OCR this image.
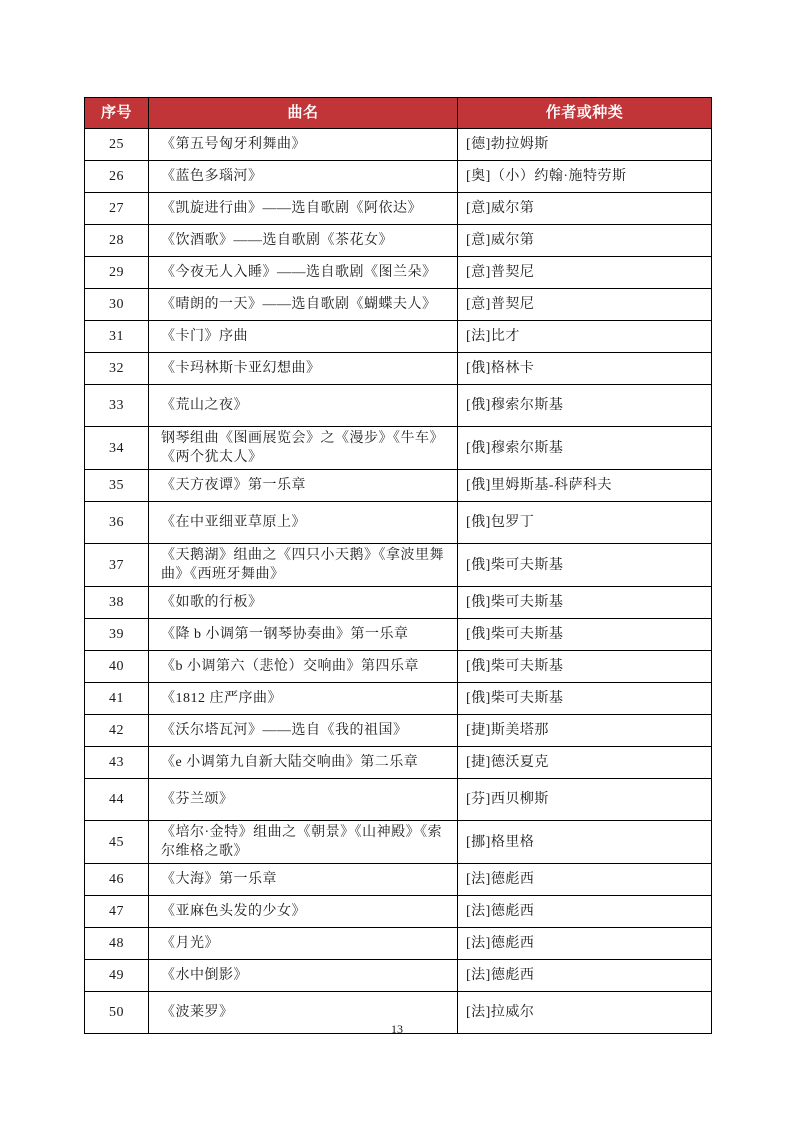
序号	曲名	作者或种类
25	《第五号匈牙利舞曲》	[德]勃拉姆斯
26	《蓝色多瑙河》	[奥]（小）约翰·施特劳斯
27	《凯旋进行曲》——选自歌剧《阿依达》	[意]威尔第
28	《饮酒歌》——选自歌剧《茶花女》	[意]威尔第
29	《今夜无人入睡》——选自歌剧《图兰朵》	[意]普契尼
30	《晴朗的一天》——选自歌剧《蝴蝶夫人》	[意]普契尼
31	《卡门》序曲	[法]比才
32	《卡玛林斯卡亚幻想曲》	[俄]格林卡
33	《荒山之夜》	[俄]穆索尔斯基
34	钢琴组曲《图画展览会》之《漫步》《牛车》《两个犹太人》	[俄]穆索尔斯基
35	《天方夜谭》第一乐章	[俄]里姆斯基-科萨科夫
36	《在中亚细亚草原上》	[俄]包罗丁
37	《天鹅湖》组曲之《四只小天鹅》《拿波里舞曲》《西班牙舞曲》	[俄]柴可夫斯基
38	《如歌的行板》	[俄]柴可夫斯基
39	《降 b 小调第一钢琴协奏曲》第一乐章	[俄]柴可夫斯基
40	《b 小调第六（悲怆）交响曲》第四乐章	[俄]柴可夫斯基
41	《1812 庄严序曲》	[俄]柴可夫斯基
42	《沃尔塔瓦河》——选自《我的祖国》	[捷]斯美塔那
43	《e 小调第九自新大陆交响曲》第二乐章	[捷]德沃夏克
44	《芬兰颂》	[芬]西贝柳斯
45	《培尔·金特》组曲之《朝景》《山神殿》《索尔维格之歌》	[挪]格里格
46	《大海》第一乐章	[法]德彪西
47	《亚麻色头发的少女》	[法]德彪西
48	《月光》	[法]德彪西
49	《水中倒影》	[法]德彪西
50	《波莱罗》	[法]拉威尔
13
